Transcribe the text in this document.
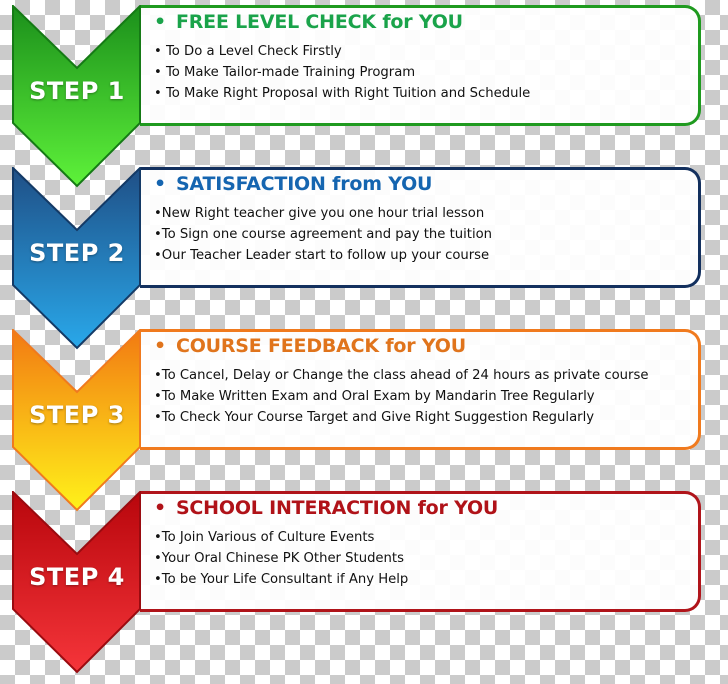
• FREE LEVEL CHECK for YOU
• To Do a Level Check Firstly
• To Make Tailor-made Training Program
• To Make Right Proposal with Right Tuition and Schedule
STEP 1
• SATISFACTION from YOU
•New Right teacher give you one hour trial lesson
•To Sign one course agreement and pay the tuition
•Our Teacher Leader start to follow up your course
STEP 2
• COURSE FEEDBACK for YOU
•To Cancel, Delay or Change the class ahead of 24 hours as private course
•To Make Written Exam and Oral Exam by Mandarin Tree Regularly
•To Check Your Course Target and Give Right Suggestion Regularly
STEP 3
• SCHOOL INTERACTION for YOU
•To Join Various of Culture Events
•Your Oral Chinese PK Other Students
•To be Your Life Consultant if Any Help
STEP 4
